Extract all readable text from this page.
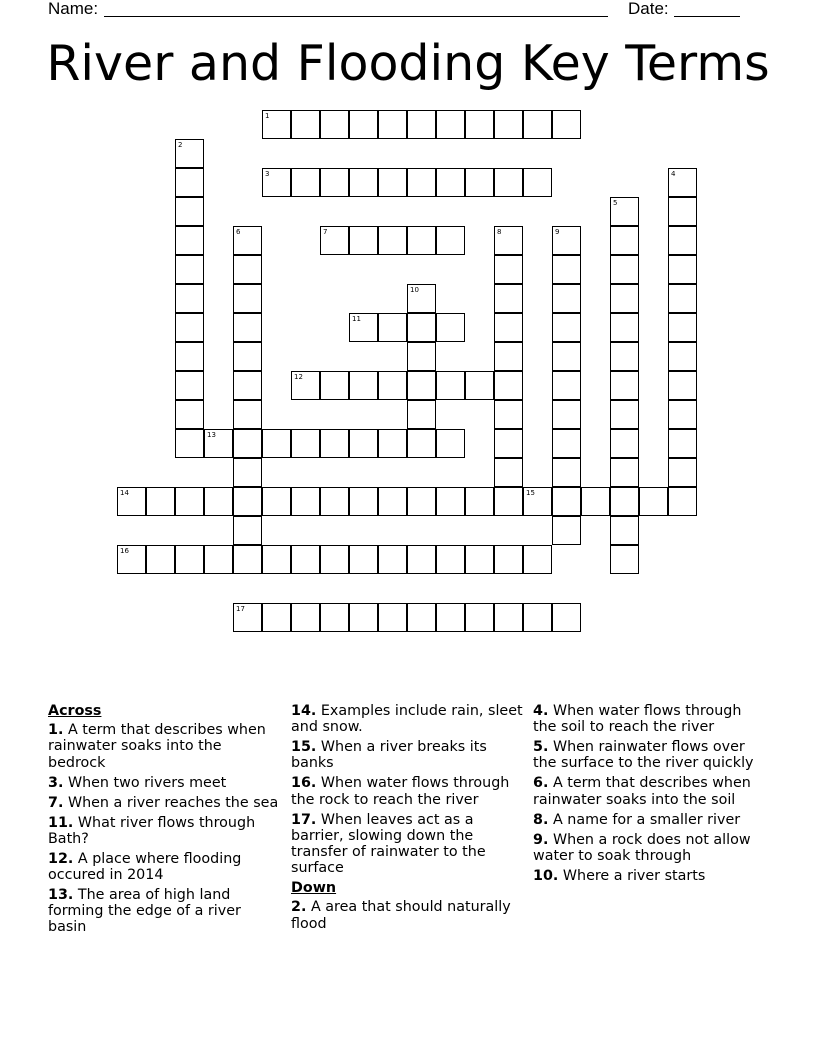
Name:	Date:
River and Flooding Key Terms
1
3
7
11
12
13
14	15
16
17
2
4
5
6	8	9
10
Across
1. A term that describes when rainwater soaks into the bedrock
3. When two rivers meet
7. When a river reaches the sea
11. What river flows through Bath?
12. A place where flooding occured in 2014
13. The area of high land forming the edge of a river basin
14. Examples include rain, sleet and snow.
15. When a river breaks its banks
16. When water flows through the rock to reach the river
17. When leaves act as a barrier, slowing down the transfer of rainwater to the surface
Down
2. A area that should naturally flood
4. When water flows through the soil to reach the river
5. When rainwater flows over the surface to the river quickly
6. A term that describes when rainwater soaks into the soil
8. A name for a smaller river
9. When a rock does not allow water to soak through
10. Where a river starts
